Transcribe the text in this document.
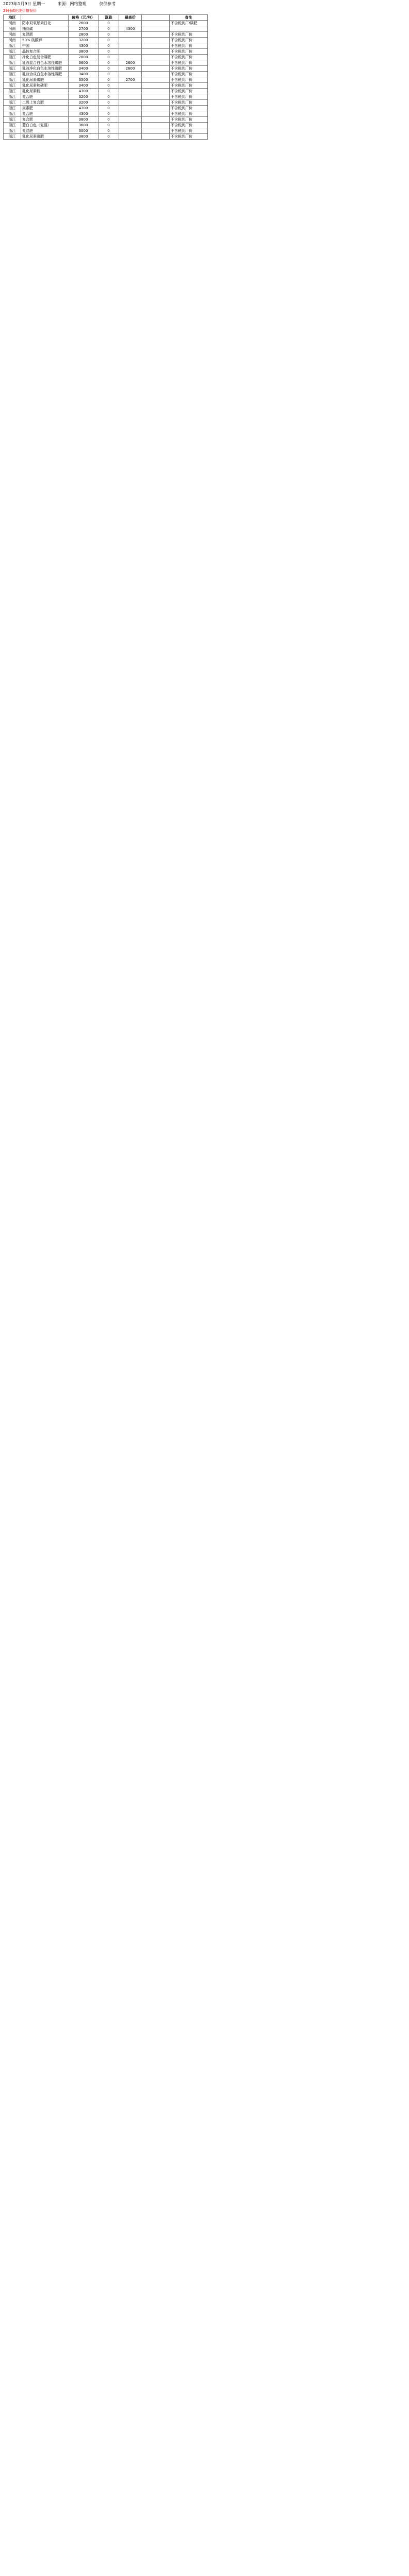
2023年1月9日 星期一	来源：网络整理	仅供参考
29日磷化肥价格报价
地区		价格（元/吨）	涨跌	最高价		备注
河南	防水双氧尿素日化	2600	0			不含税到厂/磷肥
河南	抽晶碳	2700	0	4300		
河南	复混肥	2800	0			不含税到厂价
河南	50% 硫酸钾	3200	0			不含税到厂价
浙江	中国	4300	0			不含税到厂价
浙江	晶体复合肥	3800	0			不含税到厂价
浙江	净化白色复合磷肥	2800	0			不含税到厂价
浙江	乳液混合白色水溶性磷肥	3600	0	2600		不含税到厂价
浙江	乳液净化白色水溶性磷肥	3400	0	2600		不含税到厂价
浙江	乳液合成白色水溶性磷肥	3400	0			不含税到厂价
浙江	乳化尿素磷肥	3500	0	2700		不含税到厂价
浙江	乳化尿素和磷肥	3400	0			不含税到厂价
浙江	乳化尿素粉	4300	0			不含税到厂价
浙江	复合肥	3200	0			不含税到厂价
浙江	二级上复合肥	3200	0			不含税到厂价
浙江	尿素肥	4700	0			不含税到厂价
浙江	复合肥	4300	0			不含税到厂价
浙江	复合肥	3800	0			不含税到厂价
浙江	蓝白白色（复混）	3600	0			不含税到厂价
浙江	复混肥	3000	0			不含税到厂价
浙江	乳化尿素磷肥	3800	0			不含税到厂价
